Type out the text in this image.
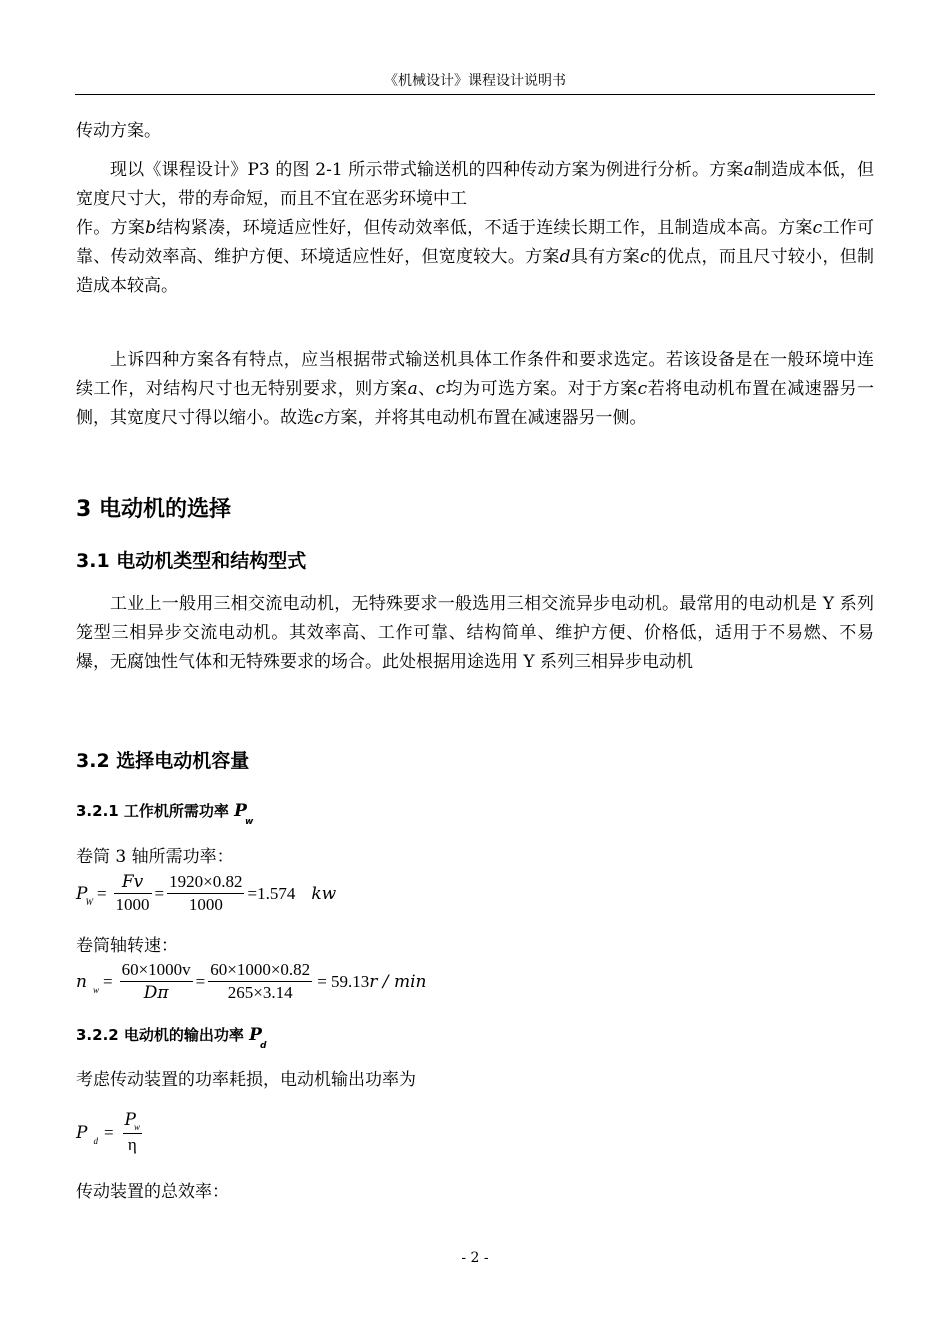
《机械设计》课程设计说明书

传动方案。

现以《课程设计》P3 的图 2-1 所示带式输送机的四种传动方案为例进行分析。方案a制造成本低，但宽度尺寸大，带的寿命短，而且不宜在恶劣环境中工
作。方案b结构紧凑，环境适应性好，但传动效率低，不适于连续长期工作，且制造成本高。方案c工作可靠、传动效率高、维护方便、环境适应性好，但宽度较大。方案d具有方案c的优点，而且尺寸较小，但制造成本较高。

上诉四种方案各有特点，应当根据带式输送机具体工作条件和要求选定。若该设备是在一般环境中连续工作，对结构尺寸也无特别要求，则方案a、c均为可选方案。对于方案c若将电动机布置在减速器另一侧，其宽度尺寸得以缩小。故选c方案，并将其电动机布置在减速器另一侧。

3 电动机的选择
3.1 电动机类型和结构型式

工业上一般用三相交流电动机，无特殊要求一般选用三相交流异步电动机。最常用的电动机是 Y 系列笼型三相异步交流电动机。其效率高、工作可靠、结构简单、维护方便、价格低，适用于不易燃、不易爆，无腐蚀性气体和无特殊要求的场合。此处根据用途选用 Y 系列三相异步电动机

3.2 选择电动机容量
3.2.1 工作机所需功率 $P_w$

卷筒 3 轴所需功率：

P
$W = \frac{Fv}{1000} = \frac{1920\times 0.82}{1000} =1.574$ kw

卷筒轴转速：

n $w = \frac{60\times 1000v}{D\pi} = \frac{60\times 1000\times 0.82}{265\times 3.14} = 59.13$ r / min
3.2.2 电动机的输出功率 $P_d$

考虑传动装置的功率耗损，电动机输出功率为

P $d = \frac{P_w}{\eta}$

传动装置的总效率：

- 2 -
